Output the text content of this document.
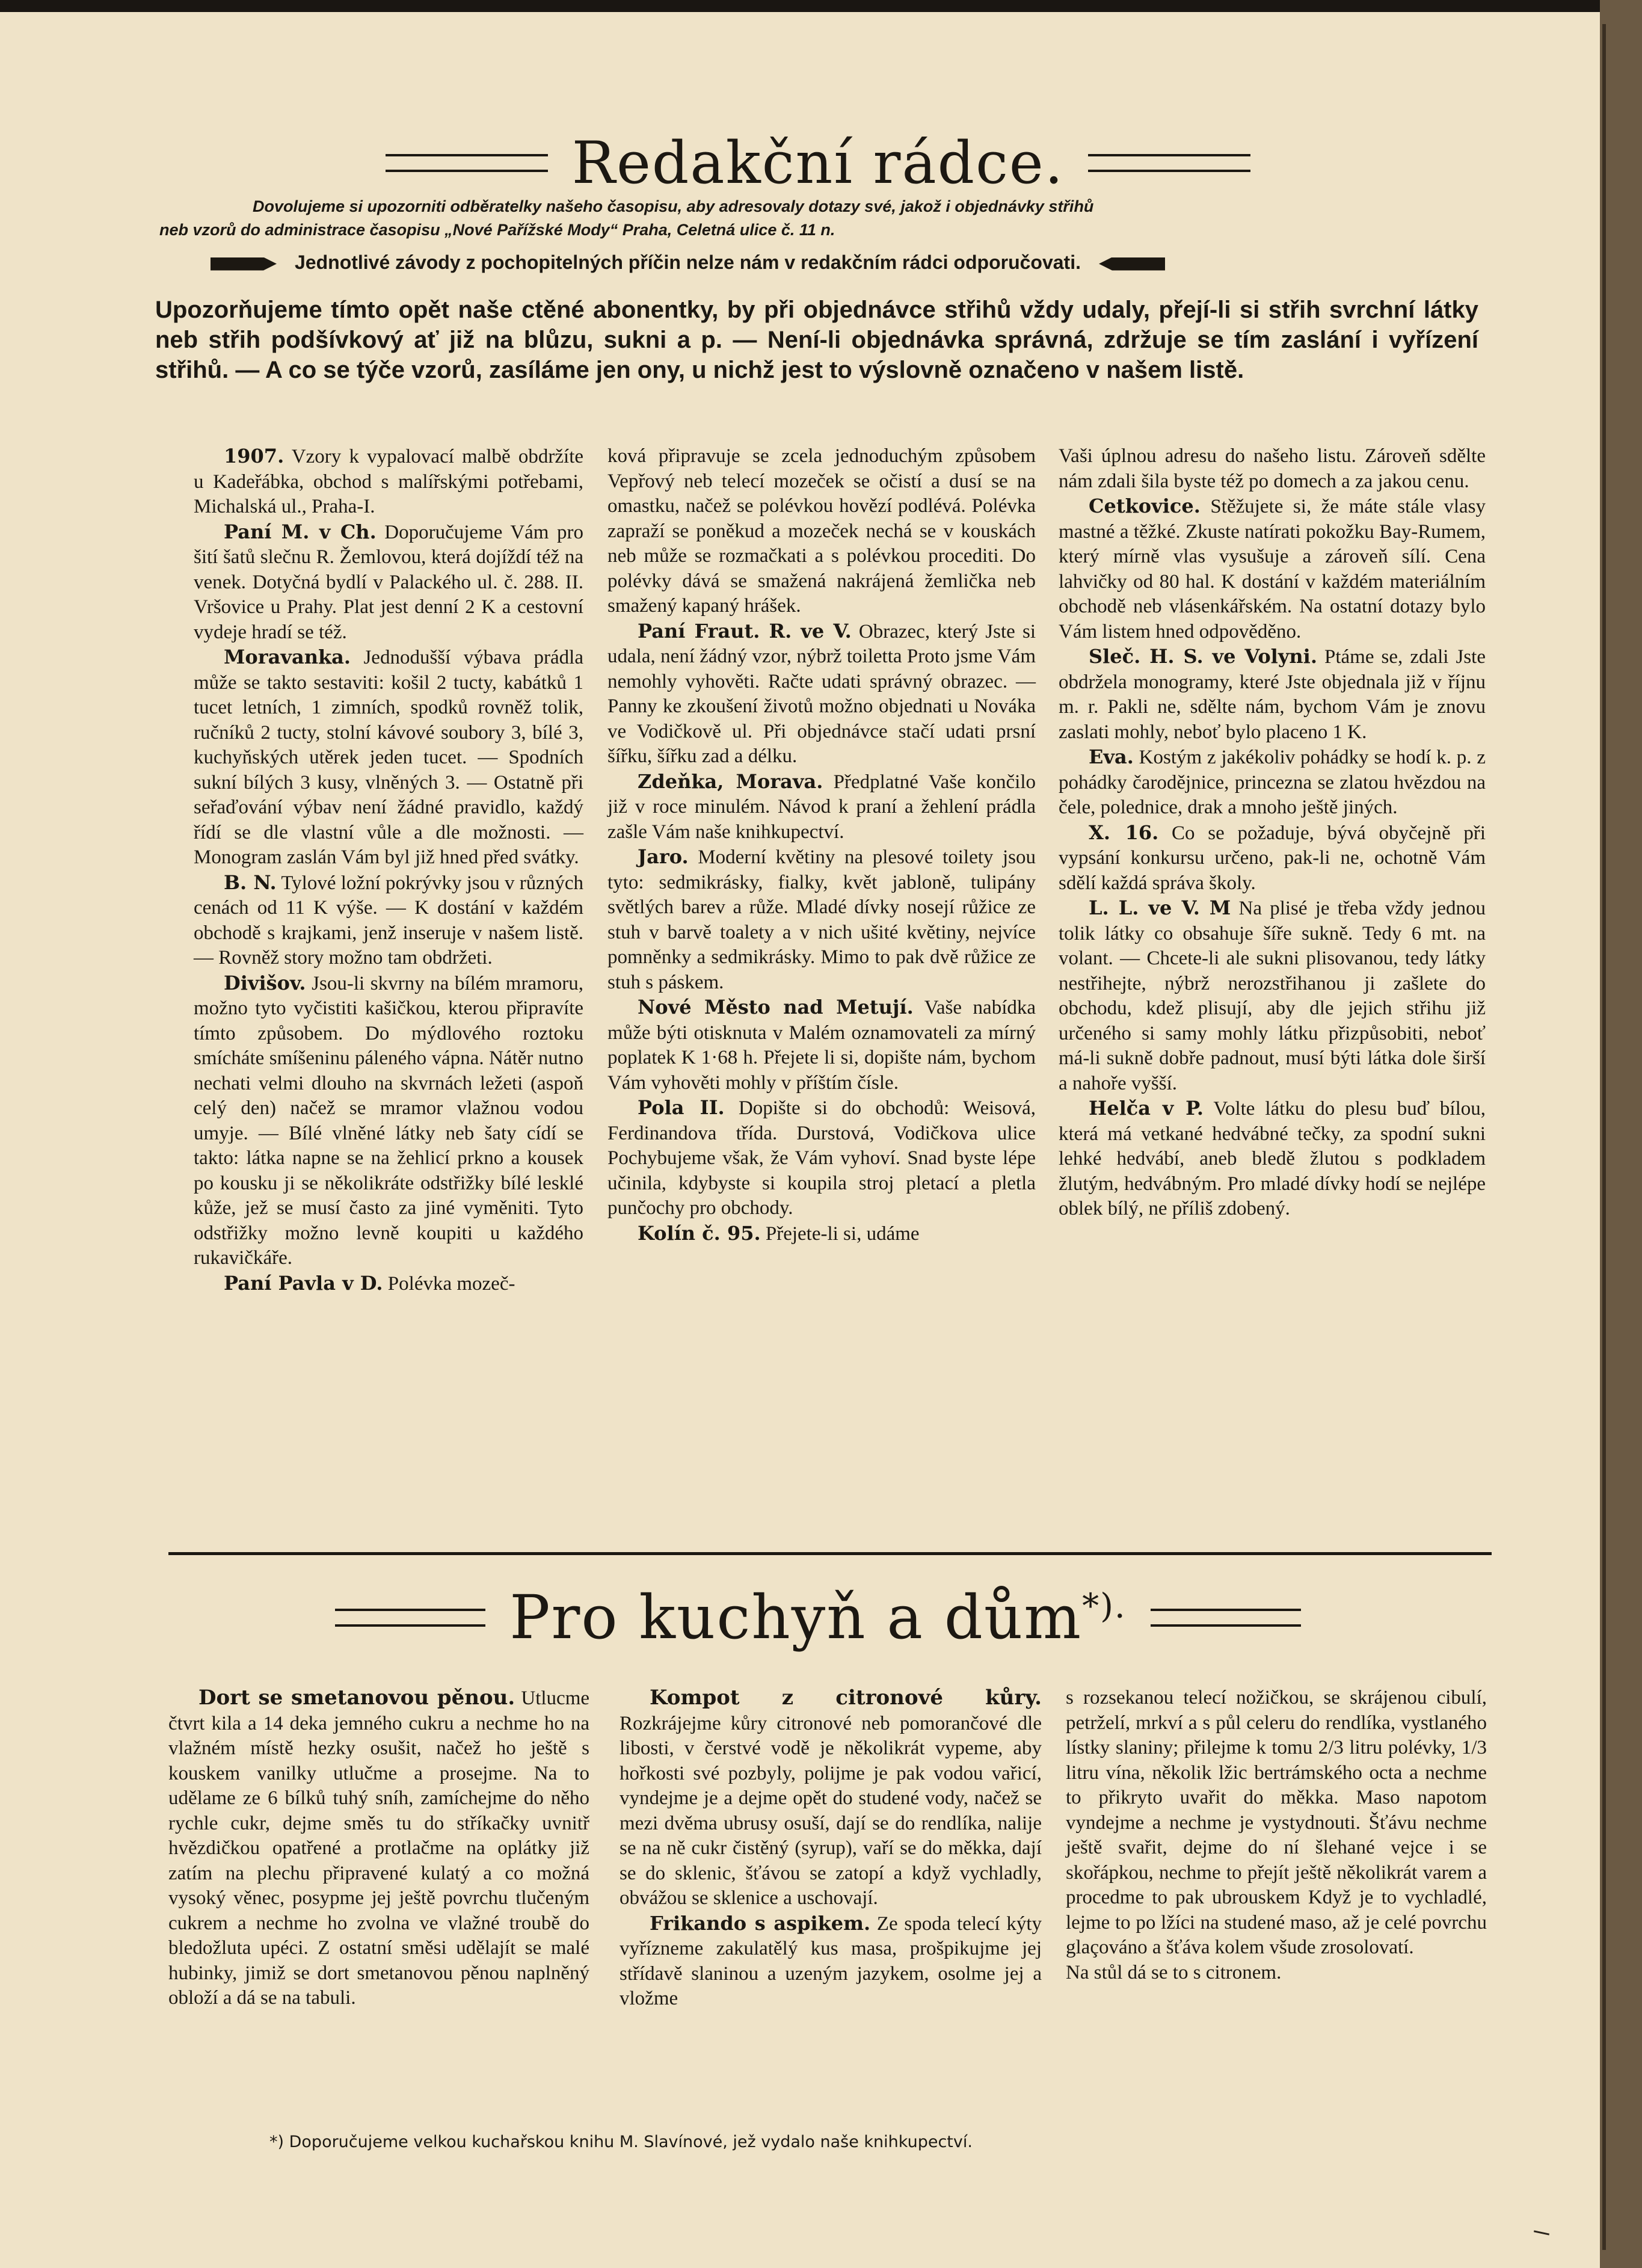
Redakční rádce.
Dovolujeme si upozorniti odběratelky našeho časopisu, aby adresovaly dotazy své, jakož i objednávky střihů
neb vzorů do administrace časopisu „Nové Pařížské Mody“ Praha, Celetná ulice č. 11 n.
Jednotlivé závody z pochopitelných příčin nelze nám v redakčním rádci odporučovati.
Upozorňujeme tímto opět naše ctěné abonentky, by při objednávce střihů vždy udaly, přejí-li si střih svrchní látky neb střih podšívkový ať již na blůzu, sukni a p. — Není-li objednávka správná, zdržuje se tím zaslání i vyřízení střihů. — A co se týče vzorů, zasíláme jen ony, u nichž jest to výslovně označeno v našem listě.

1907. Vzory k vypalovací malbě obdržíte u Kadeřábka, obchod s malířskými potřebami, Michalská ul., Praha-I.

Paní M. v Ch. Doporučujeme Vám pro šití šatů slečnu R. Žemlovou, která dojíždí též na venek. Dotyčná bydlí v Palackého ul. č. 288. II. Vršovice u Prahy. Plat jest denní 2 K a cestovní vydeje hradí se též.

Moravanka. Jednodušší výbava prádla může se takto sestaviti: košil 2 tucty, kabátků 1 tucet letních, 1 zimních, spodků rovněž tolik, ručníků 2 tucty, stolní kávové soubory 3, bílé 3, kuchyňských utěrek jeden tucet. — Spodních sukní bílých 3 kusy, vlněných 3. — Ostatně při seřaďování výbav není žádné pravidlo, každý řídí se dle vlastní vůle a dle možnosti. — Monogram zaslán Vám byl již hned před svátky.

B. N. Tylové ložní pokrývky jsou v různých cenách od 11 K výše. — K dostání v každém obchodě s krajkami, jenž inseruje v našem listě. — Rovněž story možno tam obdržeti.

Divišov. Jsou-li skvrny na bílém mramoru, možno tyto vyčistiti kašičkou, kterou připravíte tímto způsobem. Do mýdlového roztoku smícháte smíšeninu páleného vápna. Nátěr nutno nechati velmi dlouho na skvrnách ležeti (aspoň celý den) načež se mramor vlažnou vodou umyje. — Bílé vlněné látky neb šaty cídí se takto: látka napne se na žehlicí prkno a kousek po kousku ji se několikráte odstřižky bílé lesklé kůže, jež se musí často za jiné vyměniti. Tyto odstřižky možno levně koupiti u každého rukavičkáře.

Paní Pavla v D. Polévka mozeč-

ková připravuje se zcela jednoduchým způsobem Vepřový neb telecí mozeček se očistí a dusí se na omastku, načež se polévkou hovězí podlévá. Polévka zapraží se poněkud a mozeček nechá se v kouskách neb může se rozmačkati a s polévkou procediti. Do polévky dává se smažená nakrájená žemlička neb smažený kapaný hrášek.

Paní Fraut. R. ve V. Obrazec, který Jste si udala, není žádný vzor, nýbrž toiletta Proto jsme Vám nemohly vyhověti. Račte udati správný obrazec. — Panny ke zkoušení životů možno objednati u Nováka ve Vodičkově ul. Při objednávce stačí udati prsní šířku, šířku zad a délku.

Zdeňka, Morava. Předplatné Vaše končilo již v roce minulém. Návod k praní a žehlení prádla zašle Vám naše knihkupectví.

Jaro. Moderní květiny na plesové toilety jsou tyto: sedmikrásky, fialky, květ jabloně, tulipány světlých barev a růže. Mladé dívky nosejí růžice ze stuh v barvě toalety a v nich ušité květiny, nejvíce pomněnky a sedmikrásky. Mimo to pak dvě růžice ze stuh s páskem.

Nové Město nad Metují. Vaše nabídka může býti otisknuta v Malém oznamovateli za mírný poplatek K 1·68 h. Přejete li si, dopište nám, bychom Vám vyhověti mohly v příštím čísle.

Pola II. Dopište si do obchodů: Weisová, Ferdinandova třída. Durstová, Vodičkova ulice Pochybujeme však, že Vám vyhoví. Snad byste lépe učinila, kdybyste si koupila stroj pletací a pletla punčochy pro obchody.

Kolín č. 95. Přejete-li si, udáme

Vaši úplnou adresu do našeho listu. Zároveň sdělte nám zdali šila byste též po domech a za jakou cenu.

Cetkovice. Stěžujete si, že máte stále vlasy mastné a těžké. Zkuste natírati pokožku Bay-Rumem, který mírně vlas vysušuje a zároveň sílí. Cena lahvičky od 80 hal. K dostání v každém materiálním obchodě neb vlásenkářském. Na ostatní dotazy bylo Vám listem hned odpověděno.

Sleč. H. S. ve Volyni. Ptáme se, zdali Jste obdržela monogramy, které Jste objednala již v říjnu m. r. Pakli ne, sdělte nám, bychom Vám je znovu zaslati mohly, neboť bylo placeno 1 K.

Eva. Kostým z jakékoliv pohádky se hodí k. p. z pohádky čarodějnice, princezna se zlatou hvězdou na čele, polednice, drak a mnoho ještě jiných.

X. 16. Co se požaduje, bývá obyčejně při vypsání konkursu určeno, pak-li ne, ochotně Vám sdělí každá správa školy.

L. L. ve V. M Na plisé je třeba vždy jednou tolik látky co obsahuje šíře sukně. Tedy 6 mt. na volant. — Chcete-li ale sukni plisovanou, tedy látky nestřihejte, nýbrž nerozstřihanou ji zašlete do obchodu, kdež plisují, aby dle jejich střihu již určeného si samy mohly látku přizpůsobiti, neboť má-li sukně dobře padnout, musí býti látka dole širší a nahoře vyšší.

Helča v P. Volte látku do plesu buď bílou, která má vetkané hedvábné tečky, za spodní sukni lehké hedvábí, aneb bledě žlutou s podkladem žlutým, hedvábným. Pro mladé dívky hodí se nejlépe oblek bílý, ne příliš zdobený.

Pro kuchyň a dům*).

Dort se smetanovou pěnou. Utlucme čtvrt kila a 14 deka jemného cukru a nechme ho na vlažném místě hezky osušit, načež ho ještě s kouskem vanilky utlučme a prosejme. Na to udělame ze 6 bílků tuhý sníh, zamíchejme do něho rychle cukr, dejme směs tu do stříkačky uvnitř hvězdičkou opatřené a protlačme na oplátky již zatím na plechu připravené kulatý a co možná vysoký věnec, posypme jej ještě povrchu tlučeným cukrem a nechme ho zvolna ve vlažné troubě do bledožluta upéci. Z ostatní směsi udělajít se malé hubinky, jimiž se dort smetanovou pěnou naplněný obloží a dá se na tabuli.

Kompot z citronové kůry. Rozkrájejme kůry citronové neb pomorančové dle libosti, v čerstvé vodě je několikrát vypeme, aby hořkosti své pozbyly, polijme je pak vodou vařicí, vyndejme je a dejme opět do studené vody, načež se mezi dvěma ubrusy osuší, dají se do rendlíka, nalije se na ně cukr čistěný (syrup), vaří se do měkka, dají se do sklenic, šťávou se zatopí a když vychladly, obvážou se sklenice a uschovají.

Frikando s aspikem. Ze spoda telecí kýty vyřízneme zakulatělý kus masa, prošpikujme jej střídavě slaninou a uzeným jazykem, osolme jej a vložme

s rozsekanou telecí nožičkou, se skrájenou cibulí, petrželí, mrkví a s půl celeru do rendlíka, vystlaného lístky slaniny; přilejme k tomu 2/3 litru polévky, 1/3 litru vína, několik lžic bertrámského octa a nechme to přikryto uvařit do měkka. Maso napotom vyndejme a nechme je vystydnouti. Šťávu nechme ještě svařit, dejme do ní šlehané vejce i se skořápkou, nechme to přejít ještě několikrát varem a procedme to pak ubrouskem Když je to vychladlé, lejme to po lžíci na studené maso, až je celé povrchu glaçováno a šťáva kolem všude zrosolovatí.

Na stůl dá se to s citronem.

*) Doporučujeme velkou kuchařskou knihu M. Slavínové, jež vydalo naše knihkupectví.
